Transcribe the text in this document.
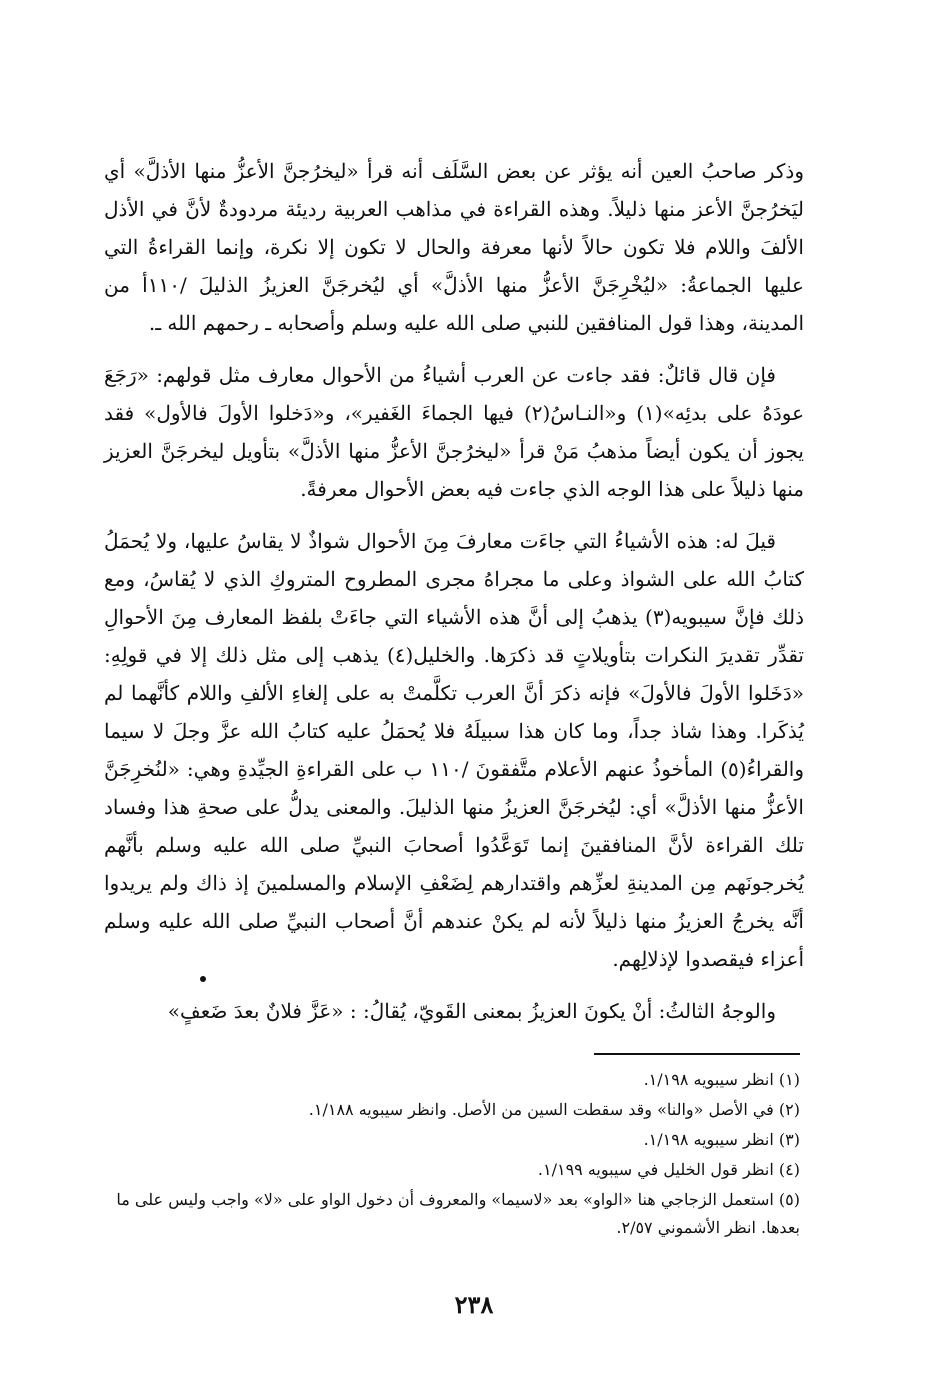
وذكر صاحبُ العين أنه يؤثر عن بعض السَّلَف أنه قرأ «ليخرُجنَّ الأعزُّ منها الأذلَّ» أي ليَخرُجنَّ الأعز منها ذليلاً. وهذه القراءة في مذاهب العربية رديئة مردودةٌ لأنَّ في الأذل الألفَ واللام فلا تكون حالاً لأنها معرفة والحال لا تكون إلا نكرة، وإنما القراءةُ التي عليها الجماعةُ: «ليُخْرِجَنَّ الأعزُّ منها الأذلَّ» أي ليُخرجَنَّ العزيزُ الذليلَ /١١٠أ من المدينة، وهذا قول المنافقين للنبي صلى الله عليه وسلم وأصحابه ـ رحمهم الله ـ.

فإن قال قائلٌ: فقد جاءت عن العرب أشياءُ من الأحوال معارف مثل قولهم: «رَجَعَ عودَهُ على بدئِه»(١) و«النـاسُ(٢) فيها الجماءَ الغَفير»، و«دَخلوا الأولَ فالأول» فقد يجوز أن يكون أيضاً مذهبُ مَنْ قرأ «ليخرُجنَّ الأعزُّ منها الأذلَّ» بتأويل ليخرجَنَّ العزيز منها ذليلاً على هذا الوجه الذي جاءت فيه بعض الأحوال معرفةً.

قيلَ له: هذه الأشياءُ التي جاءَت معارفَ مِنَ الأحوال شواذٌ لا يقاسُ عليها، ولا يُحمَلُ كتابُ الله على الشواذ وعلى ما مجراهُ مجرى المطروح المتروكِ الذي لا يُقاسُ، ومع ذلك فإنَّ سيبويه(٣) يذهبُ إلى أنَّ هذه الأشياء التي جاءَتْ بلفظ المعارف مِنَ الأحوالِ تقدِّر تقديرَ النكرات بتأويلاتٍ قد ذكرَها. والخليل(٤) يذهب إلى مثل ذلك إلا في قولِهِ: «دَخَلوا الأولَ فالأولَ» فإنه ذكرَ أنَّ العرب تكلَّمتْ به على إلغاءِ الألفِ واللام كأنَّهما لم يُذكَرا. وهذا شاذ جداً، وما كان هذا سبيلَهُ فلا يُحمَلُ عليه كتابُ الله عزَّ وجلَ لا سيما والقراءُ(٥) المأخوذُ عنهم الأعلام متَّفقونَ /١١٠ ب على القراءةِ الجيِّدةِ وهي: «لنُخرِجَنَّ الأعزُّ منها الأذلَّ» أي: ليُخرجَنَّ العزيزُ منها الذليلَ. والمعنى يدلُّ على صحةِ هذا وفساد تلك القراءة لأنَّ المنافقينَ إنما تَوَعَّدُوا أصحابَ النبيِّ صلى الله عليه وسلم بأنَّهم يُخرجونَهم مِن المدينةِ لعزِّهم واقتدارهم لِضَعْفِ الإسلام والمسلمينَ إذ ذاك ولم يريدوا أنَّه يخرجُ العزيزُ منها ذليلاً لأنه لم يكنْ عندهم أنَّ أصحاب النبيِّ صلى الله عليه وسلم أعزاء فيقصدوا لإذلالِهم.

والوجهُ الثالثُ: أنْ يكونَ العزيزُ بمعنى القَويّ، يُقالُ: : «عَزَّ فلانٌ بعدَ ضَعفٍ»

(١) انظر سيبويه ١/١٩٨.

(٢) في الأصل «والنا» وقد سقطت السين من الأصل. وانظر سيبويه ١/١٨٨.

(٣) انظر سيبويه ١/١٩٨.

(٤) انظر قول الخليل في سيبويه ١/١٩٩.

(٥) استعمل الزجاجي هنا «الواو» بعد «لاسيما» والمعروف أن دخول الواو على «لا» واجب وليس على ما بعدها. انظر الأشموني ٢/٥٧.

٢٣٨
